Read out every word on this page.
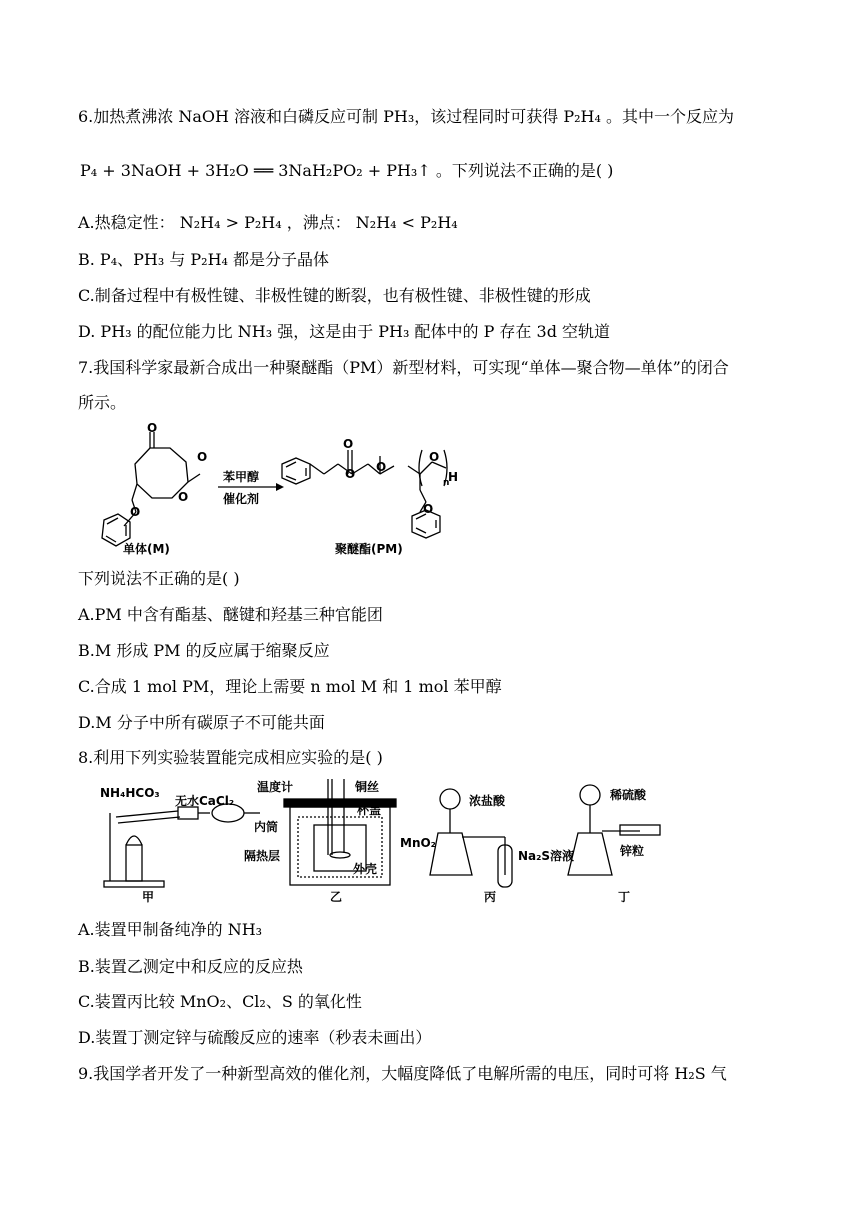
6.加热煮沸浓 NaOH 溶液和白磷反应可制 PH₃，该过程同时可获得 P₂H₄ 。其中一个反应为
P₄ + 3NaOH + 3H₂O ══ 3NaH₂PO₂ + PH₃↑ 。下列说法不正确的是( )
A.热稳定性： N₂H₄ > P₂H₄ ，沸点： N₂H₄ < P₂H₄
B. P₄、PH₃ 与 P₂H₄ 都是分子晶体
C.制备过程中有极性键、非极性键的断裂，也有极性键、非极性键的形成
D. PH₃ 的配位能力比 NH₃ 强，这是由于 PH₃ 配体中的 P 存在 3d 空轨道
7.我国科学家最新合成出一种聚醚酯（PM）新型材料，可实现“单体—聚合物—单体”的闭合
所示。
O
O
O
O
O
O O
O
H
n
O
苯甲醇
催化剂
单体(M)	聚醚酯(PM)
下列说法不正确的是( )
A.PM 中含有酯基、醚键和羟基三种官能团
B.M 形成 PM 的反应属于缩聚反应
C.合成 1 mol PM，理论上需要 n mol M 和 1 mol 苯甲醇
D.M 分子中所有碳原子不可能共面
8.利用下列实验装置能完成相应实验的是( )
NH₄HCO₃
无水CaCl₂
甲
温度计	铜丝
杯盖
内筒
隔热层
外壳
乙
浓盐酸
MnO₂
Na₂S溶液
丙
稀硫酸
锌粒
丁
A.装置甲制备纯净的 NH₃
B.装置乙测定中和反应的反应热
C.装置丙比较 MnO₂、Cl₂、S 的氧化性
D.装置丁测定锌与硫酸反应的速率（秒表未画出）
9.我国学者开发了一种新型高效的催化剂，大幅度降低了电解所需的电压，同时可将 H₂S 气
